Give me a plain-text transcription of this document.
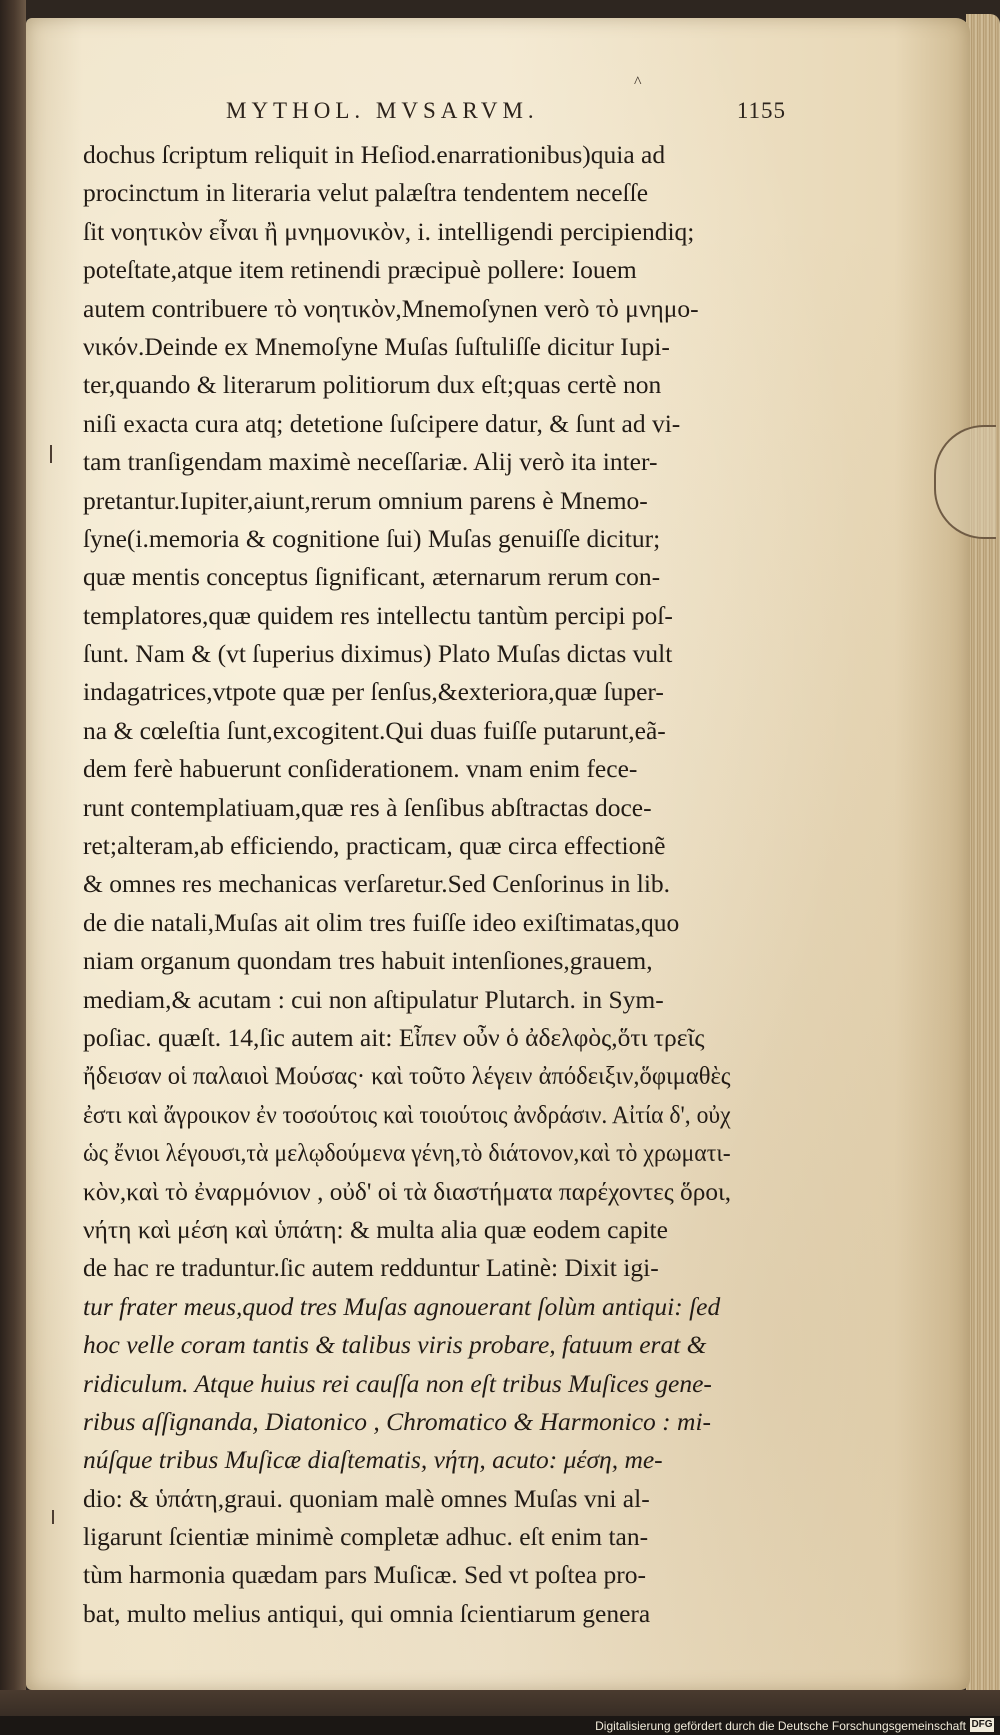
^
MYTHOL. MVSARVM.	1155
dochus ſcriptum reliquit in Heſiod.enarrationibus)quia ad
procinctum in literaria velut palæſtra tendentem neceſſe
ſit νοητικὸν εἶναι ἢ μνημονικὸν, i. intelligendi percipiendiq;
poteſtate,atque item retinendi præcipuè pollere: Iouem
autem contribuere τὸ νοητικὸν,Mnemoſynen verò τὸ μνημο-
νικόν.Deinde ex Mnemoſyne Muſas ſuſtuliſſe dicitur Iupi-
ter,quando & literarum politiorum dux eſt;quas certè non
niſi exacta cura atq; detetione ſuſcipere datur, & ſunt ad vi-
tam tranſigendam maximè neceſſariæ. Alij verò ita inter-
pretantur.Iupiter,aiunt,rerum omnium parens è Mnemo-
ſyne(i.memoria & cognitione ſui) Muſas genuiſſe dicitur;
quæ mentis conceptus ſignificant, æternarum rerum con-
templatores,quæ quidem res intellectu tantùm percipi poſ-
ſunt. Nam & (vt ſuperius diximus) Plato Muſas dictas vult
indagatrices,vtpote quæ per ſenſus,&exteriora,quæ ſuper-
na & cœleſtia ſunt,excogitent.Qui duas fuiſſe putarunt,eã-
dem ferè habuerunt conſiderationem. vnam enim fece-
runt contemplatiuam,quæ res à ſenſibus abſtractas doce-
ret;alteram,ab efficiendo, practicam, quæ circa effectionẽ
& omnes res mechanicas verſaretur.Sed Cenſorinus in lib.
de die natali,Muſas ait olim tres fuiſſe ideo exiſtimatas,quo
niam organum quondam tres habuit intenſiones,grauem,
mediam,& acutam : cui non aſtipulatur Plutarch. in Sym-
poſiac. quæſt. 14,ſic autem ait: Εἶπεν οὖν ὁ ἀδελφὸς,ὅτι τρεῖς
ἤδεισαν οἱ παλαιοὶ Μούσας· καὶ τοῦτο λέγειν ἀπόδειξιν,ὅφιμαθὲς
ἐστι καὶ ἄγροικον ἐν τοσούτοις καὶ τοιούτοις ἀνδράσιν. Αἰτία δ', οὐχ
ὡς ἔνιοι λέγουσι,τὰ μελῳδούμενα γένη,τὸ διάτονον,καὶ τὸ χρωματι-
κὸν,καὶ τὸ ἐναρμόνιον , οὐδ' οἱ τὰ διαστήματα παρέχοντες ὅροι,
νήτη καὶ μέση καὶ ὑπάτη: & multa alia quæ eodem capite
de hac re traduntur.ſic autem redduntur Latinè: Dixit igi-
tur frater meus,quod tres Muſas agnouerant ſolùm antiqui: ſed
hoc velle coram tantis & talibus viris probare, fatuum erat &
ridiculum. Atque huius rei cauſſa non eſt tribus Muſices gene-
ribus aſſignanda, Diatonico , Chromatico & Harmonico : mi-
núſque tribus Muſicæ diaſtematis, νήτη, acuto: μέση, me-
dio: & ὑπάτη,graui. quoniam malè omnes Muſas vni al-
ligarunt ſcientiæ minimè completæ adhuc. eſt enim tan-
tùm harmonia quædam pars Muſicæ. Sed vt poſtea pro-
bat, multo melius antiqui, qui omnia ſcientiarum genera
Digitalisierung gefördert durch die Deutsche Forschungsgemeinschaft DFG
